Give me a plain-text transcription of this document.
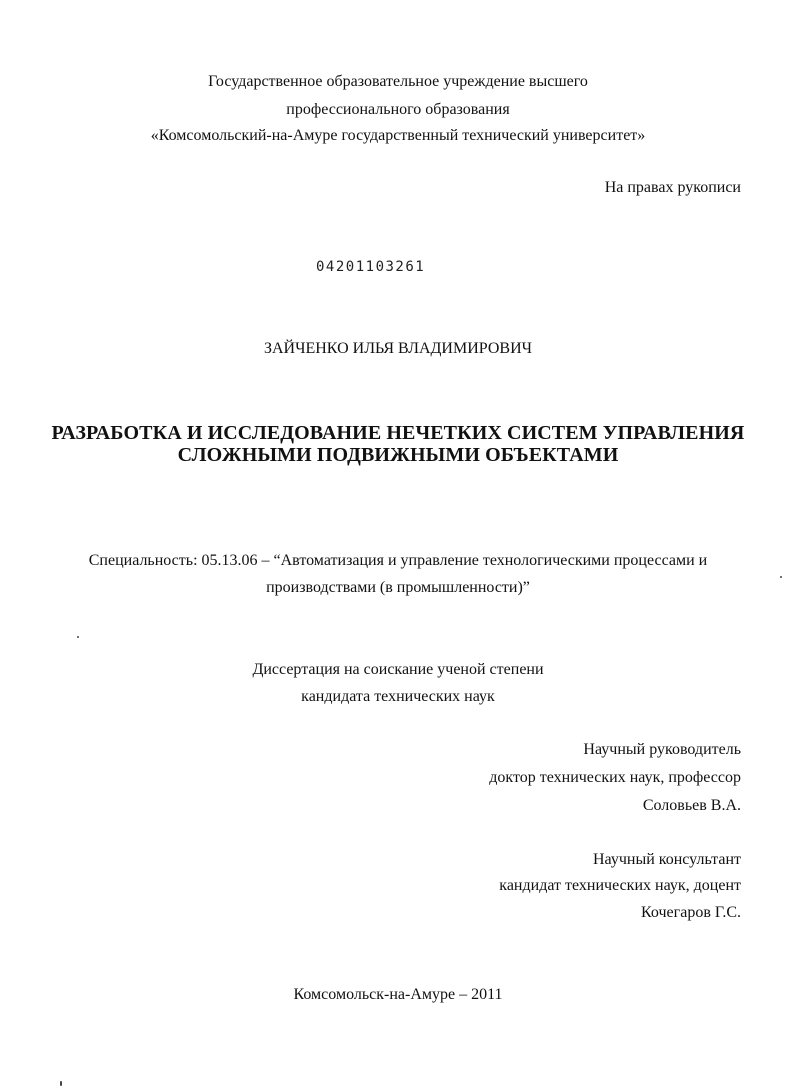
Государственное образовательное учреждение высшего
профессионального образования
«Комсомольский-на-Амуре государственный технический университет»
На правах рукописи
04201103261
ЗАЙЧЕНКО ИЛЬЯ ВЛАДИМИРОВИЧ
РАЗРАБОТКА И ИССЛЕДОВАНИЕ НЕЧЕТКИХ СИСТЕМ УПРАВЛЕНИЯ
СЛОЖНЫМИ ПОДВИЖНЫМИ ОБЪЕКТАМИ
Специальность: 05.13.06 – “Автоматизация и управление технологическими процессами и
производствами (в промышленности)”
Диссертация на соискание ученой степени
кандидата технических наук
Научный руководитель
доктор технических наук, профессор
Соловьев В.А.
Научный консультант
кандидат технических наук, доцент
Кочегаров Г.С.
Комсомольск-на-Амуре – 2011
